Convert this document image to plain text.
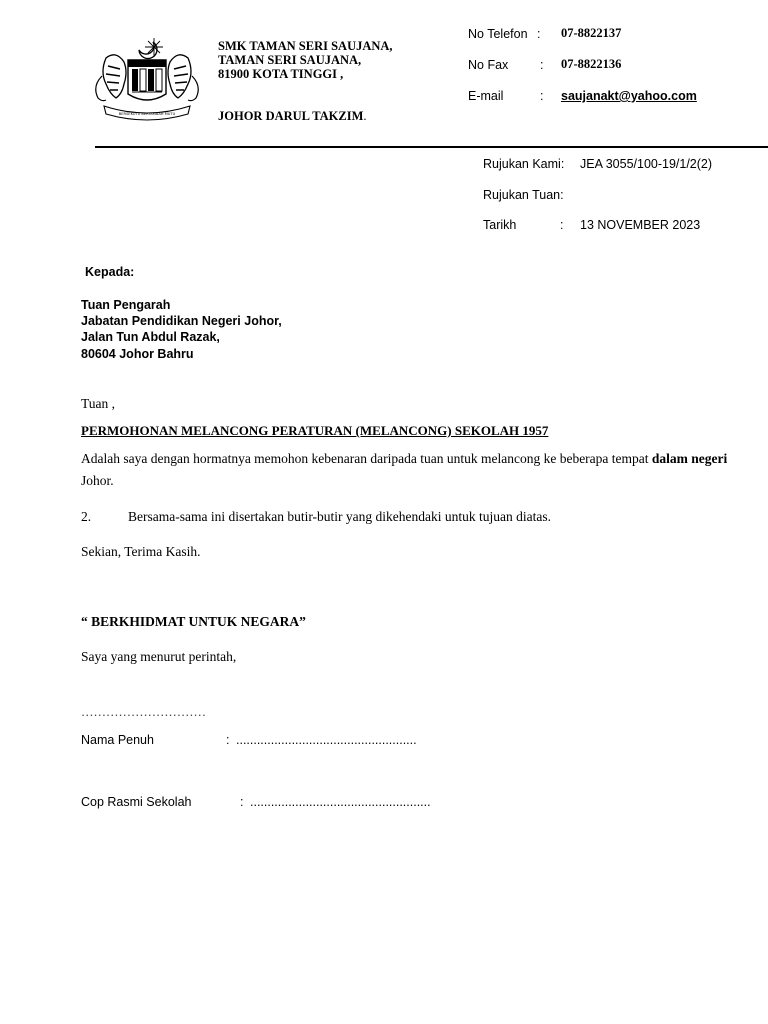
BERSEKUTU BERTAMBAH MUTU
SMK TAMAN SERI SAUJANA,
TAMAN SERI SAUJANA,
81900 KOTA TINGGI ,
JOHOR DARUL TAKZIM.
No Telefon : 07-8822137
No Fax	: 07-8822136
E-mail	: saujanakt@yahoo.com
Rujukan Kami: JEA 3055/100-19/1/2(2)
Rujukan Tuan:
Tarikh	: 13 NOVEMBER 2023
Kepada:
Tuan Pengarah
Jabatan Pendidikan Negeri Johor,
Jalan Tun Abdul Razak,
80604 Johor Bahru
Tuan ,
PERMOHONAN MELANCONG PERATURAN (MELANCONG) SEKOLAH 1957
Adalah saya dengan hormatnya memohon kebenaran daripada tuan untuk melancong ke beberapa tempat dalam negeri Johor.
2.	Bersama-sama ini disertakan butir-butir yang dikehendaki untuk tujuan diatas.
Sekian, Terima Kasih.
“ BERKHIDMAT UNTUK NEGARA”
Saya yang menurut perintah,
…………………………
Nama Penuh	: ....................................................
Cop Rasmi Sekolah	: ....................................................
